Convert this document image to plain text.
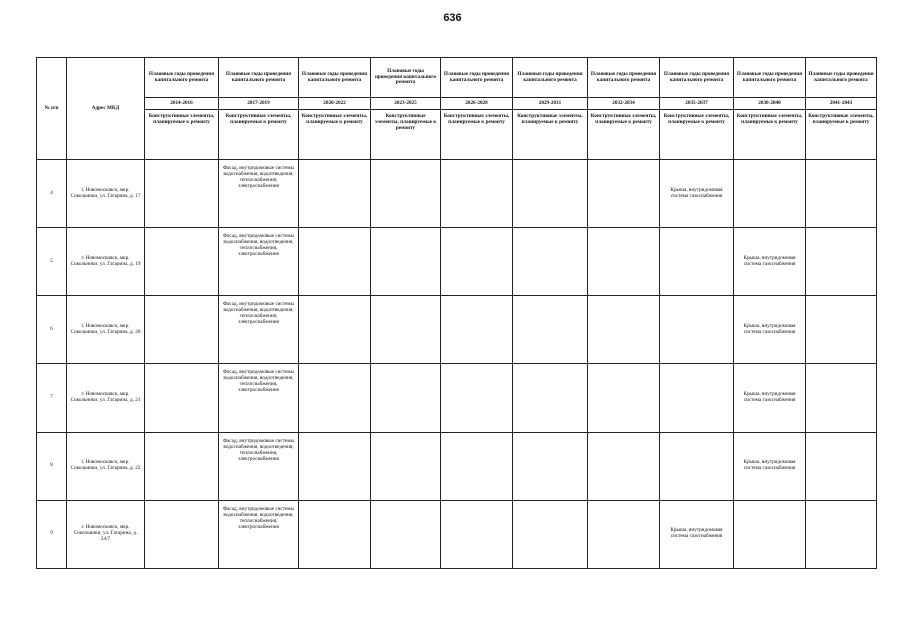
636
№ п/п	Адрес МКД	Плановые годы проведения капитального ремонта	Плановые годы проведения капитального ремонта	Плановые годы проведения капитального ремонта	Плановые годы проведения капитального ремонта	Плановые годы проведения капитального ремонта	Плановые годы проведения капитального ремонта	Плановые годы проведения капитального ремонта	Плановые годы проведения капитального ремонта	Плановые годы проведения капитального ремонта	Плановые годы проведения капитального ремонта
		2014-2016	2017-2019	2020-2022	2023-2025	2026-2028	2029-2031	2032-2034	2035-2037	2038-2040	2041-2043
		Конструктивные элементы, планируемые к ремонту	Конструктивные элементы, планируемые к ремонту	Конструктивные элементы, планируемые к ремонту	Конструктивные элементы, планируемые к ремонту	Конструктивные элементы, планируемые к ремонту	Конструктивные элементы, планируемые к ремонту	Конструктивные элементы, планируемые к ремонту	Конструктивные элементы, планируемые к ремонту	Конструктивные элементы, планируемые к ремонту	Конструктивные элементы, планируемые к ремонту
4	г. Новомосковск, мкр. Сокольники, ул. Гагарина, д. 17		Фасад, внутридомовые системы водоснабжения, водоотведения, теплоснабжения, электроснабжения						Крыша, внутридомовая система газоснабжения		
5	г. Новомосковск, мкр. Сокольники, ул. Гагарина, д. 19		Фасад, внутридомовые системы водоснабжения, водоотведения, теплоснабжения, электроснабжения							Крыша, внутридомовая система газоснабжения	
6	г. Новомосковск, мкр. Сокольники, ул. Гагарина, д. 20		Фасад, внутридомовые системы водоснабжения, водоотведения, теплоснабжения, электроснабжения							Крыша, внутридомовая система газоснабжения	
7	г. Новомосковск, мкр. Сокольники, ул. Гагарина, д. 21		Фасад, внутридомовые системы водоснабжения, водоотведения, теплоснабжения, электроснабжения							Крыша, внутридомовая система газоснабжения	
8	г. Новомосковск, мкр. Сокольники, ул. Гагарина, д. 22		Фасад, внутридомовые системы водоснабжения, водоотведения, теплоснабжения, электроснабжения							Крыша, внутридомовая система газоснабжения	
9	г. Новомосковск, мкр. Сокольники, ул. Гагарина, д. 24/7		Фасад, внутридомовые системы водоснабжения, водоотведения, теплоснабжения, электроснабжения						Крыша, внутридомовая система газоснабжения		
